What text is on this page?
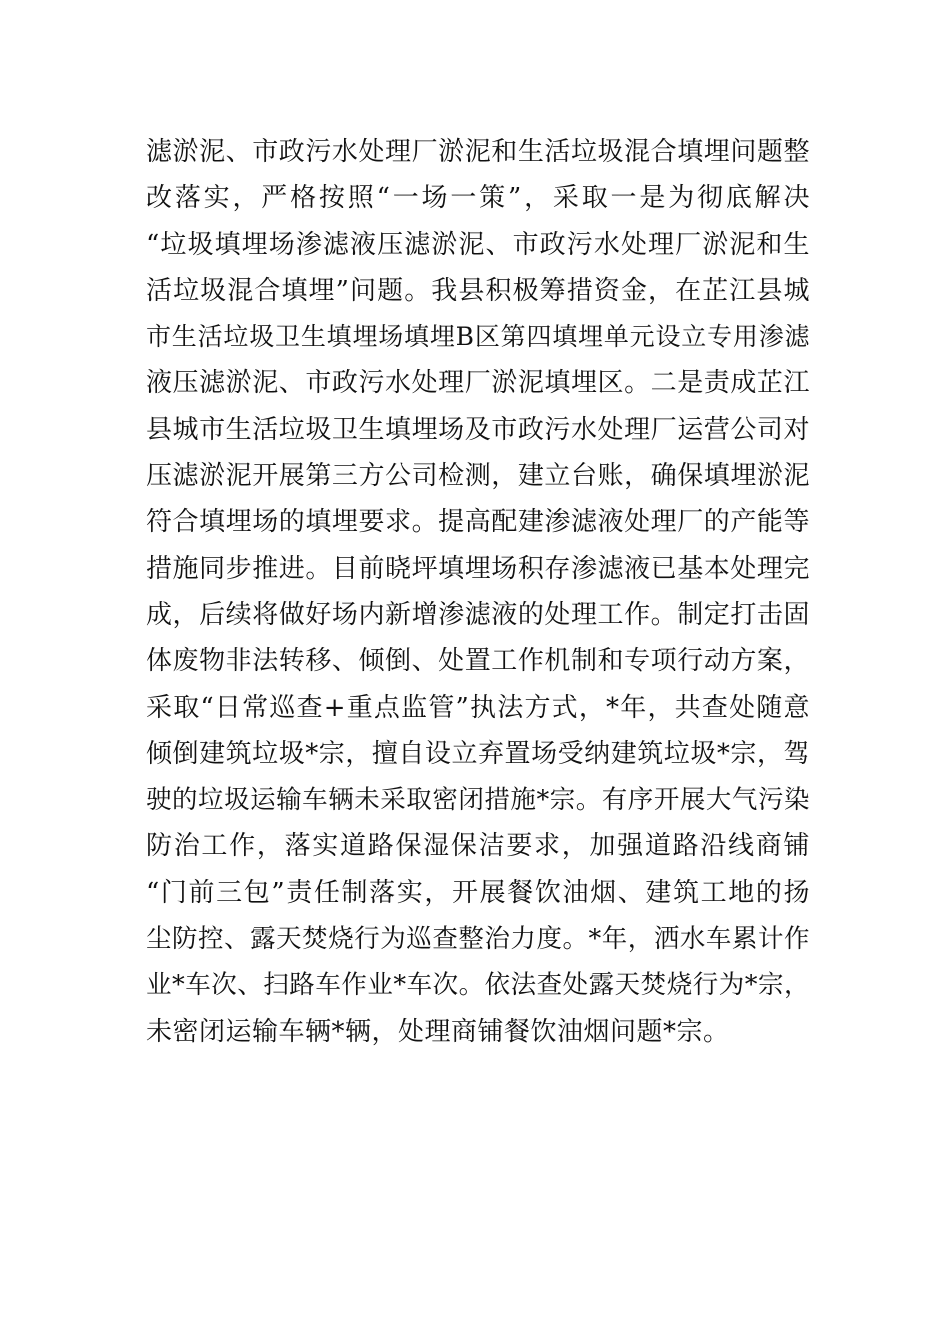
滤淤泥、市政污水处理厂淤泥和生活垃圾混合填埋问题整
改落实，严格按照“一场一策”，采取一是为彻底解决
“垃圾填埋场渗滤液压滤淤泥、市政污水处理厂淤泥和生
活垃圾混合填埋”问题。我县积极筹措资金，在芷江县城
市生活垃圾卫生填埋场填埋B区第四填埋单元设立专用渗滤
液压滤淤泥、市政污水处理厂淤泥填埋区。二是责成芷江
县城市生活垃圾卫生填埋场及市政污水处理厂运营公司对
压滤淤泥开展第三方公司检测，建立台账，确保填埋淤泥
符合填埋场的填埋要求。提高配建渗滤液处理厂的产能等
措施同步推进。目前晓坪填埋场积存渗滤液已基本处理完
成，后续将做好场内新增渗滤液的处理工作。制定打击固
体废物非法转移、倾倒、处置工作机制和专项行动方案，
采取“日常巡查+重点监管”执法方式，*年，共查处随意
倾倒建筑垃圾*宗，擅自设立弃置场受纳建筑垃圾*宗，驾
驶的垃圾运输车辆未采取密闭措施*宗。有序开展大气污染
防治工作，落实道路保湿保洁要求，加强道路沿线商铺
“门前三包”责任制落实，开展餐饮油烟、建筑工地的扬
尘防控、露天焚烧行为巡查整治力度。*年，洒水车累计作
业*车次、扫路车作业*车次。依法查处露天焚烧行为*宗，
未密闭运输车辆*辆，处理商铺餐饮油烟问题*宗。
